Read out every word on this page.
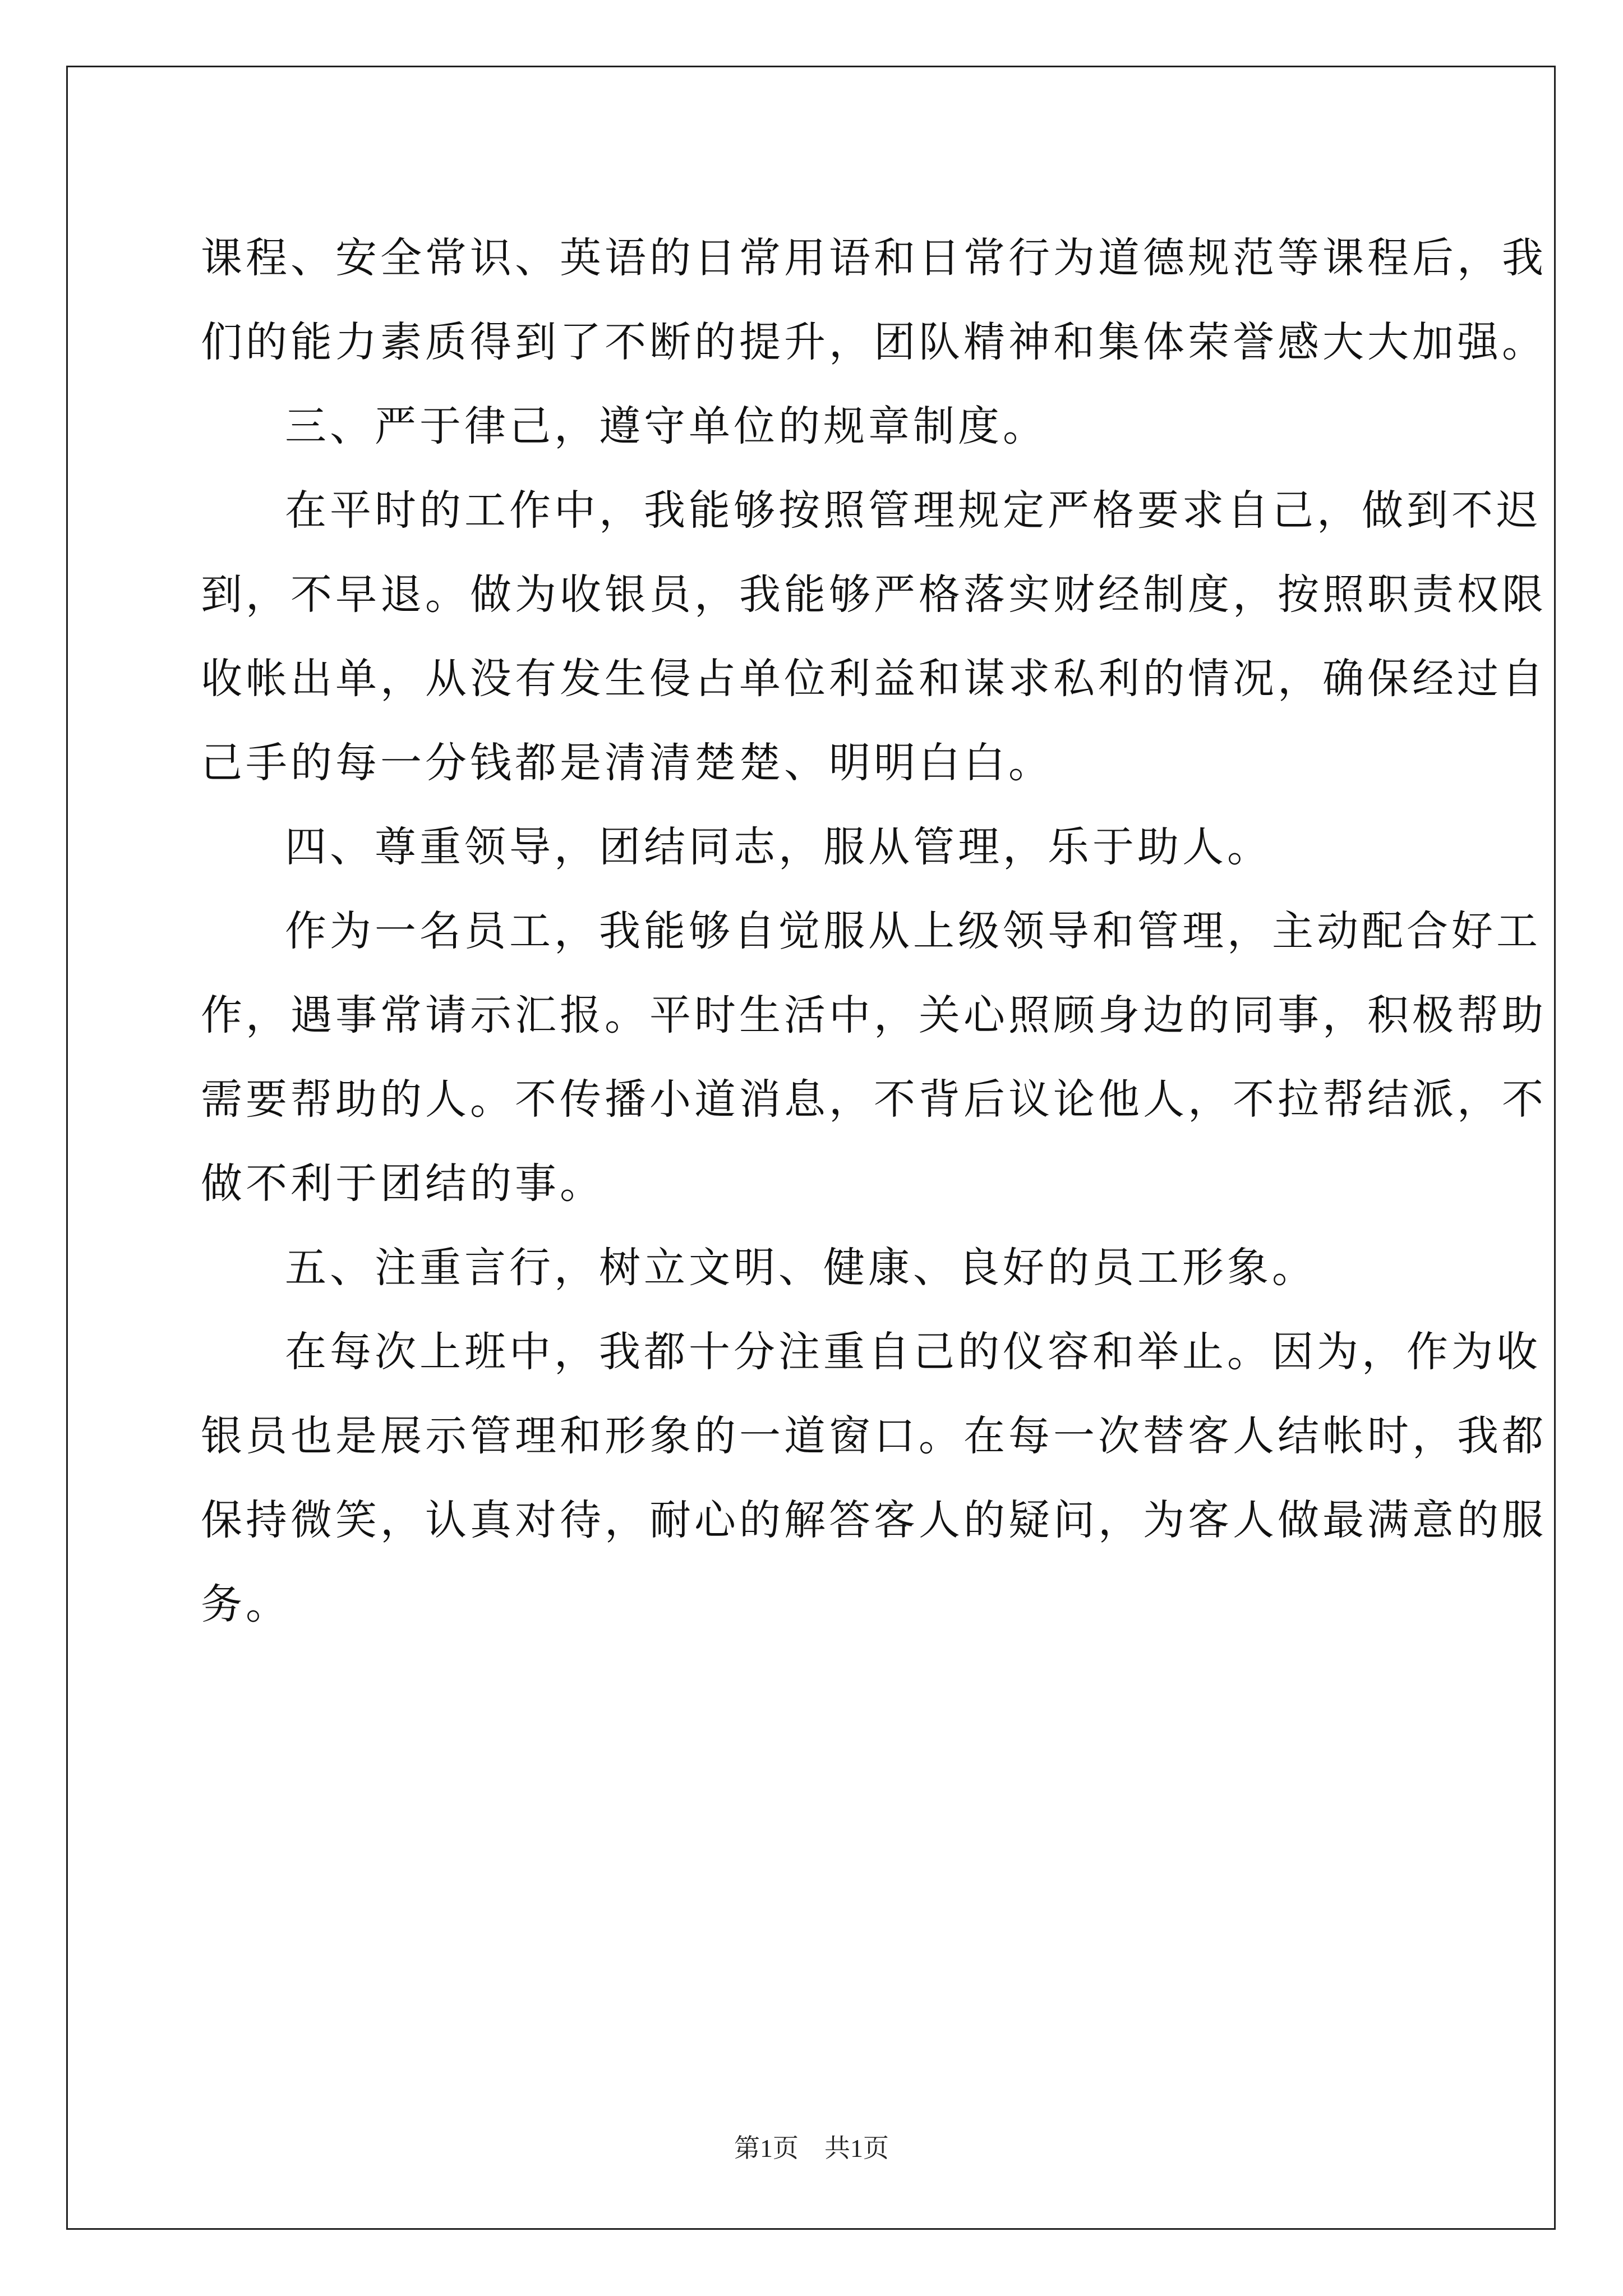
课程、安全常识、英语的日常用语和日常行为道德规范等课程后，我
们的能力素质得到了不断的提升，团队精神和集体荣誉感大大加强。
三、严于律己，遵守单位的规章制度。
在平时的工作中，我能够按照管理规定严格要求自己，做到不迟
到，不早退。做为收银员，我能够严格落实财经制度，按照职责权限
收帐出单，从没有发生侵占单位利益和谋求私利的情况，确保经过自
己手的每一分钱都是清清楚楚、明明白白。
四、尊重领导，团结同志，服从管理，乐于助人。
作为一名员工，我能够自觉服从上级领导和管理，主动配合好工
作，遇事常请示汇报。平时生活中，关心照顾身边的同事，积极帮助
需要帮助的人。不传播小道消息，不背后议论他人，不拉帮结派，不
做不利于团结的事。
五、注重言行，树立文明、健康、良好的员工形象。
在每次上班中，我都十分注重自己的仪容和举止。因为，作为收
银员也是展示管理和形象的一道窗口。在每一次替客人结帐时，我都
保持微笑，认真对待，耐心的解答客人的疑问，为客人做最满意的服
务。
第1页　共1页
